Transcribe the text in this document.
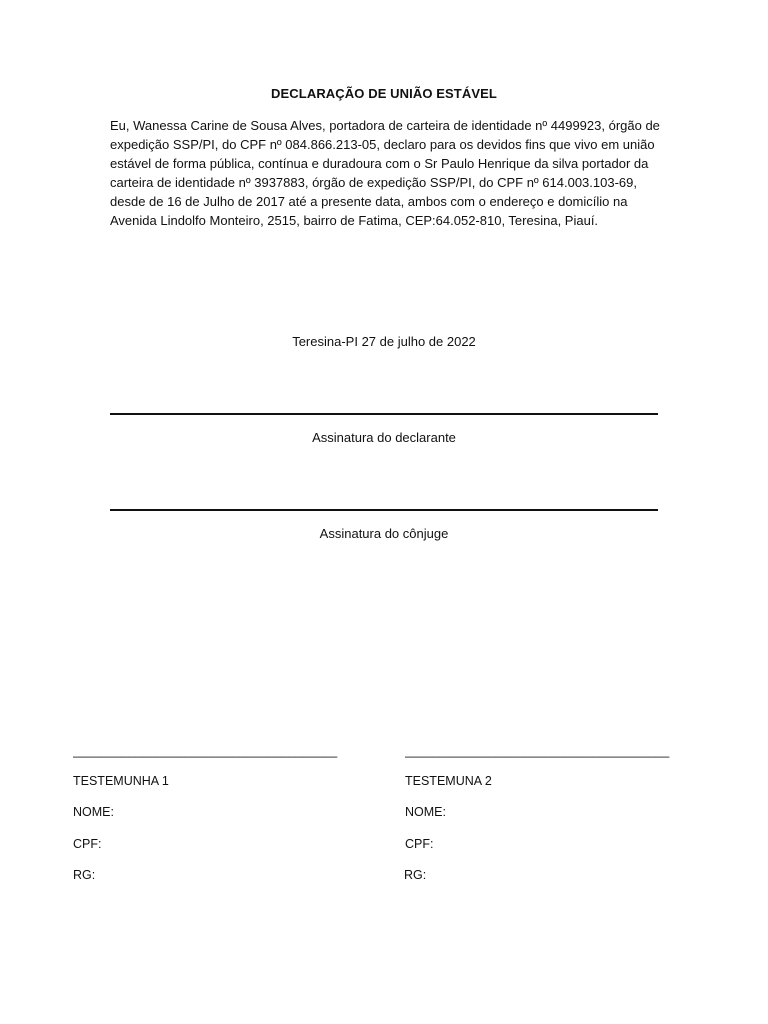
DECLARAÇÃO DE UNIÃO ESTÁVEL

Eu, Wanessa Carine de Sousa Alves, portadora de carteira de identidade nº 4499923, órgão de
expedição SSP/PI, do CPF nº 084.866.213-05, declaro para os devidos fins que vivo em união
estável de forma pública, contínua e duradoura com o Sr Paulo Henrique da silva portador da
carteira de identidade nº 3937883, órgão de expedição SSP/PI, do CPF nº 614.003.103-69,
desde de 16 de Julho de 2017 até a presente data, ambos com o endereço e domicílio na
Avenida Lindolfo Monteiro, 2515, bairro de Fatima, CEP:64.052-810, Teresina, Piauí.

Teresina-PI 27 de julho de 2022
Assinatura do declarante
Assinatura do cônjuge
______________________________________
TESTEMUNHA 1
NOME:
CPF:
RG:
______________________________________
TESTEMUNA 2
NOME:
CPF:
RG:
